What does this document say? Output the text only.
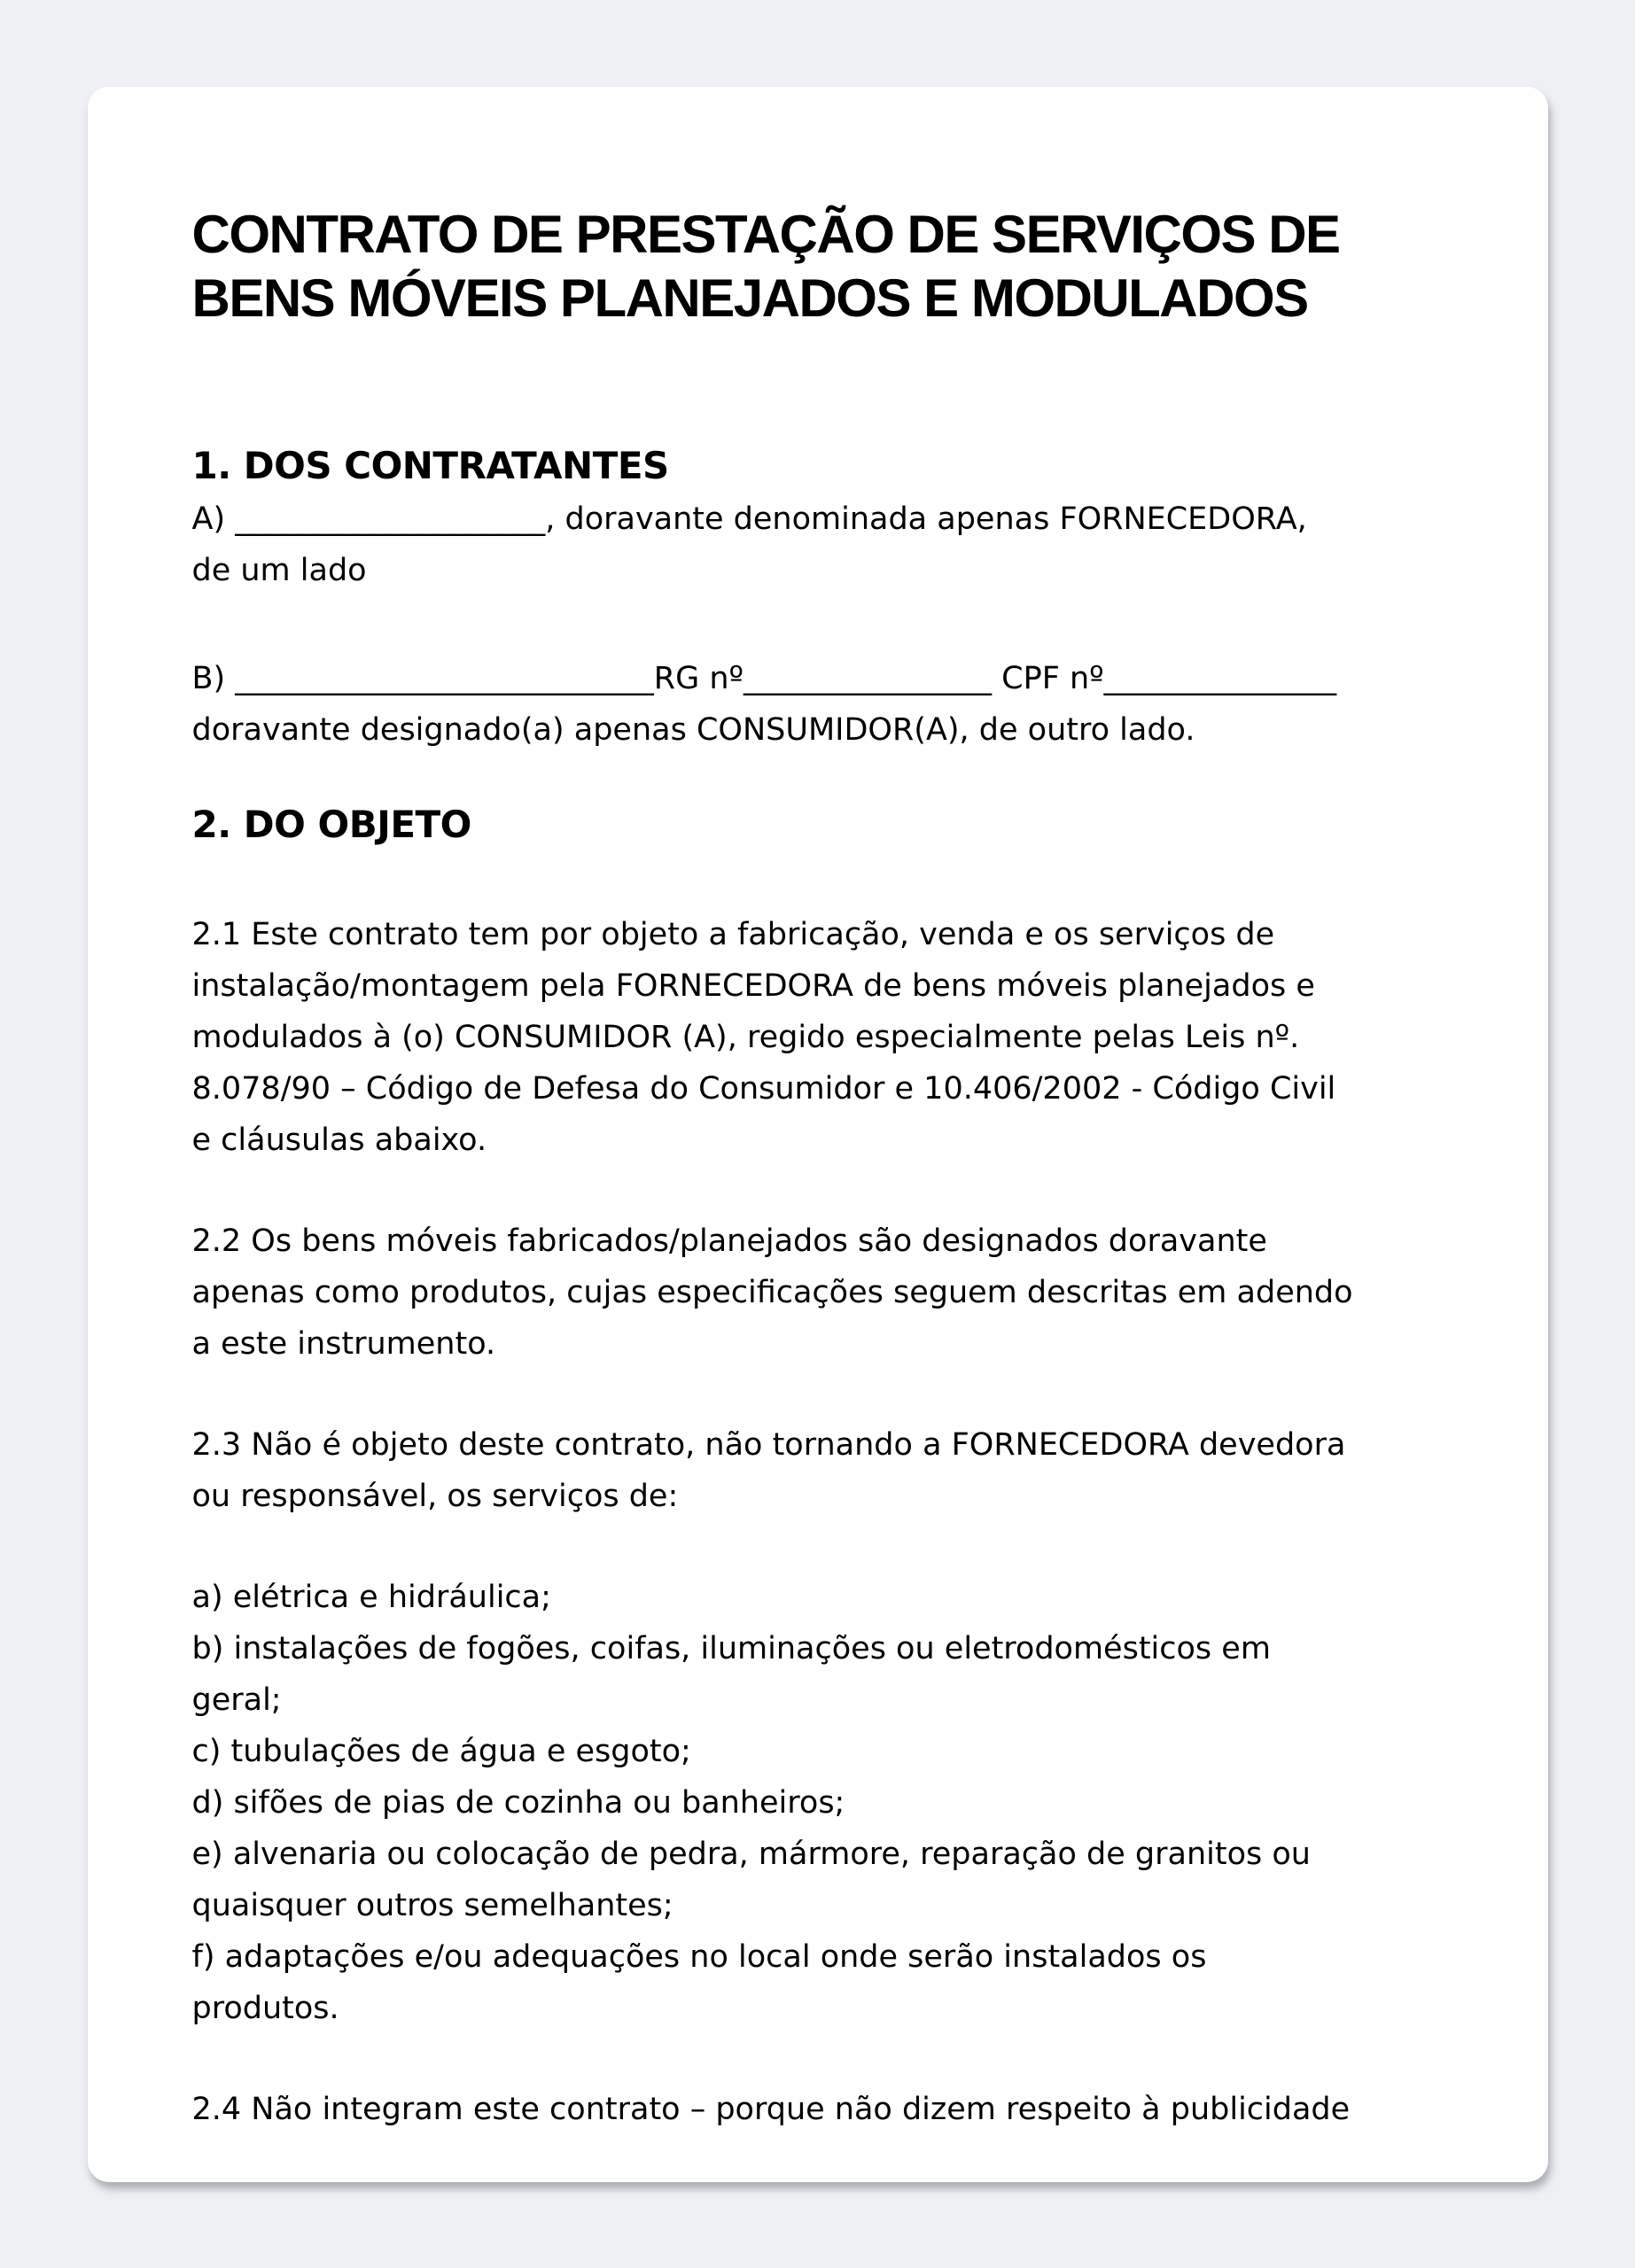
CONTRATO DE PRESTAÇÃO DE SERVIÇOS DE
BENS MÓVEIS PLANEJADOS E MODULADOS
1. DOS CONTRATANTES
A) ____________________, doravante denominada apenas FORNECEDORA,
de um lado
B) ___________________________RG nº________________ CPF nº_______________
doravante designado(a) apenas CONSUMIDOR(A), de outro lado.
2. DO OBJETO
2.1 Este contrato tem por objeto a fabricação, venda e os serviços de
instalação/montagem pela FORNECEDORA de bens móveis planejados e
modulados à (o) CONSUMIDOR (A), regido especialmente pelas Leis nº.
8.078/90 – Código de Defesa do Consumidor e 10.406/2002 - Código Civil
e cláusulas abaixo.
2.2 Os bens móveis fabricados/planejados são designados doravante
apenas como produtos, cujas especificações seguem descritas em adendo
a este instrumento.
2.3 Não é objeto deste contrato, não tornando a FORNECEDORA devedora
ou responsável, os serviços de:
a) elétrica e hidráulica;
b) instalações de fogões, coifas, iluminações ou eletrodomésticos em
geral;
c) tubulações de água e esgoto;
d) sifões de pias de cozinha ou banheiros;
e) alvenaria ou colocação de pedra, mármore, reparação de granitos ou
quaisquer outros semelhantes;
f) adaptações e/ou adequações no local onde serão instalados os
produtos.
2.4 Não integram este contrato – porque não dizem respeito à publicidade
